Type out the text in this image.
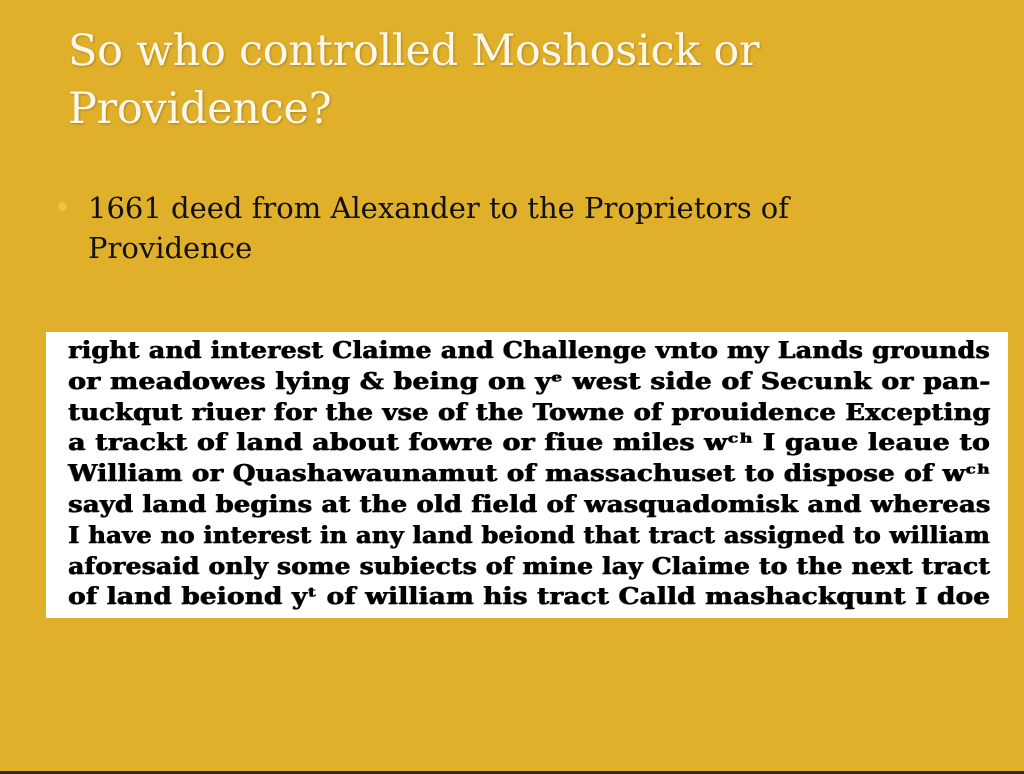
So who controlled Moshosick or Providence?
1661 deed from Alexander to the Proprietors of Providence
right and interest Claime and Challenge vnto my Lands grounds
or meadowes lying & being on yᵉ west side of Secunk or pan-
tuckqut riuer for the vse of the Towne of prouidence Excepting
a trackt of land about fowre or fiue miles wᶜʰ I gaue leaue to
William or Quashawaunamut of massachuset to dispose of wᶜʰ
sayd land begins at the old field of wasquadomisk and whereas
I have no interest in any land beiond that tract assigned to william
aforesaid only some subiects of mine lay Claime to the next tract
of land beiond yᵗ of william his tract Calld mashackqunt I doe
